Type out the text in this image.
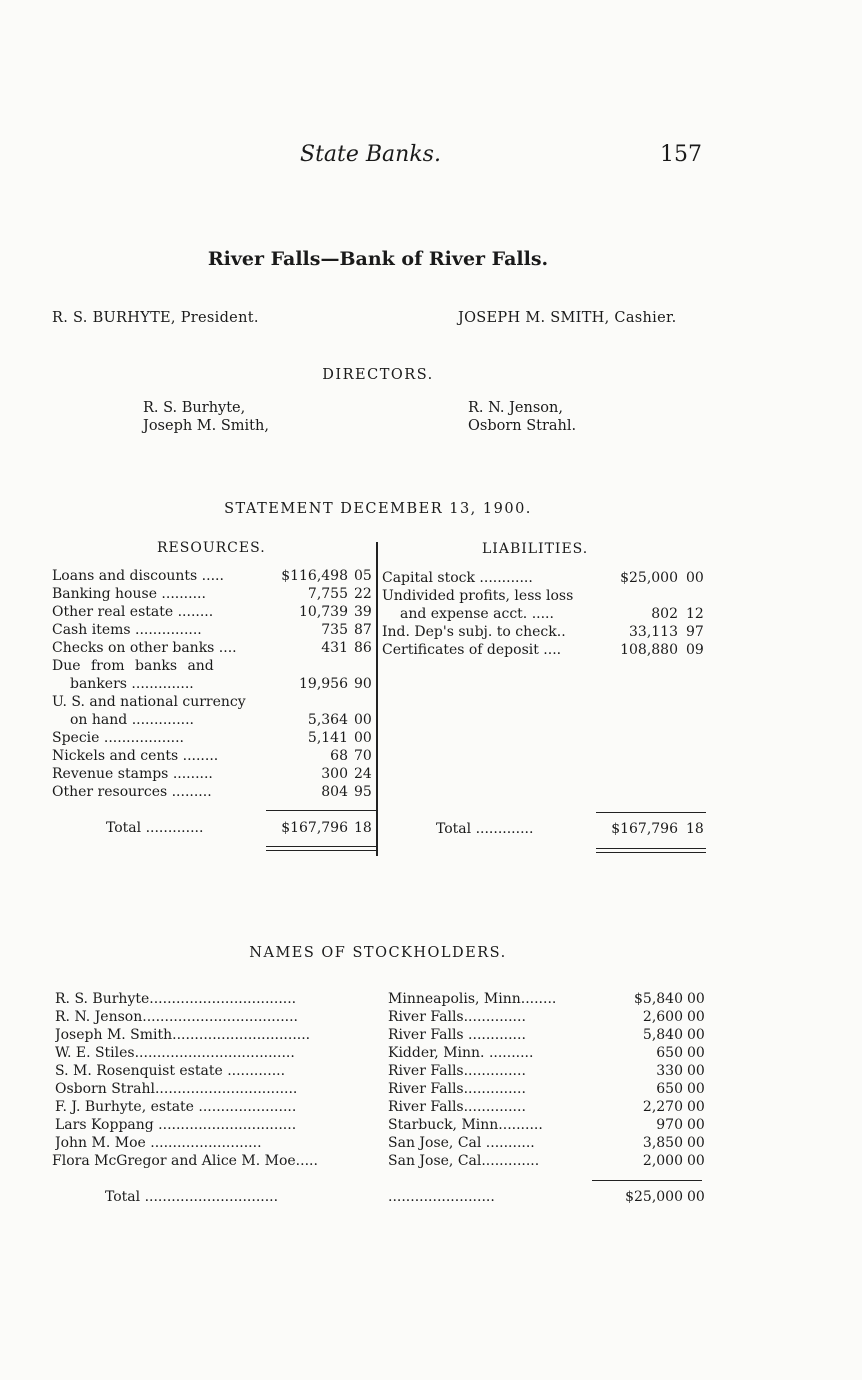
State Banks.	157
River Falls—Bank of River Falls.
R. S. BURHYTE, President.	JOSEPH M. SMITH, Cashier.
DIRECTORS.
R. S. Burhyte,
Joseph M. Smith,
R. N. Jenson,
Osborn Strahl.
STATEMENT DECEMBER 13, 1900.
RESOURCES.	LIABILITIES.
Loans and discounts .....	$116,498 05
Banking house ..........	7,755 22
Other real estate ........	10,739 39
Cash items ...............	735 87
Checks on other banks ....	431 86
Due from banks and
bankers ..............	19,956 90
U. S. and national currency
on hand ..............	5,364 00
Specie ..................	5,141 00
Nickels and cents ........	68 70
Revenue stamps .........	300 24
Other resources .........	804 95
Total .............	$167,796 18
Capital stock ............	$25,000 00
Undivided profits, less loss
and expense acct. .....	802 12
Ind. Dep's subj. to check..	33,113 97
Certificates of deposit ....	108,880 09
Total .............	$167,796 18
NAMES OF STOCKHOLDERS.
R. S. Burhyte.................................	Minneapolis, Minn........	$5,840 00
R. N. Jenson...................................	River Falls..............	2,600 00
Joseph M. Smith...............................	River Falls .............	5,840 00
W. E. Stiles....................................	Kidder, Minn. ..........	650 00
S. M. Rosenquist estate .............	River Falls..............	330 00
Osborn Strahl................................	River Falls..............	650 00
F. J. Burhyte, estate ......................	River Falls..............	2,270 00
Lars Koppang ...............................	Starbuck, Minn..........	970 00
John M. Moe .........................	San Jose, Cal ...........	3,850 00
Flora McGregor and Alice M. Moe.....	San Jose, Cal.............	2,000 00
Total ..............................	........................	$25,000 00
